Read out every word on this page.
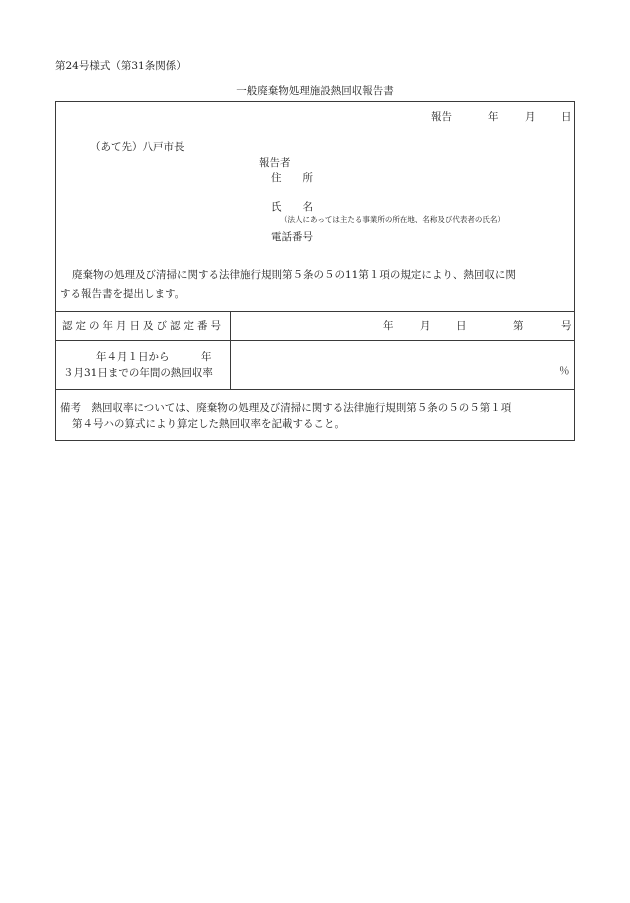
第24号様式（第31条関係）
一般廃棄物処理施設熱回収報告書
報告	年	月 日
（あて先）八戸市長
報告者
住　　所
氏　　名
（法人にあっては主たる事業所の所在地、名称及び代表者の氏名）
電話番号
廃棄物の処理及び清掃に関する法律施行規則第５条の５の11第１項の規定により、熱回収に関
する報告書を提出します。
認定の年月日及び認定番号	年	月 日	第	号
年４月１日から　　　年
３月31日までの年間の熱回収率	％
備考　熱回収率については、廃棄物の処理及び清掃に関する法律施行規則第５条の５の５第１項
第４号ハの算式により算定した熱回収率を記載すること。
